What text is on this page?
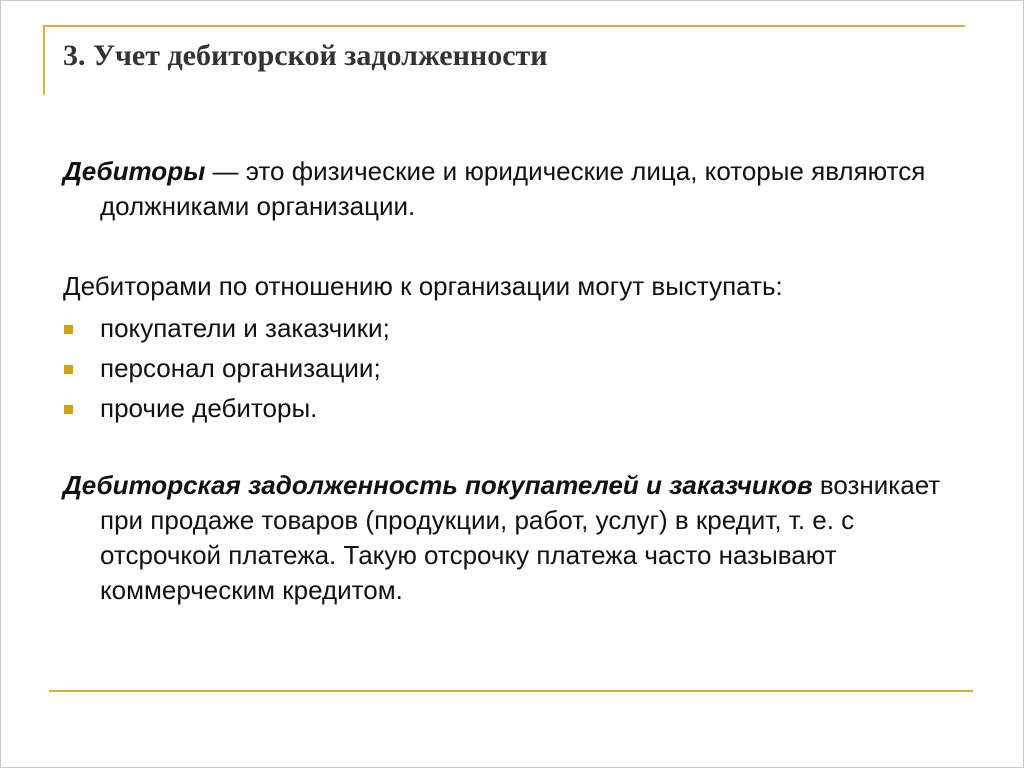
3. Учет дебиторской задолженности

Дебиторы — это физические и юридические лица, которые являются должниками организации.

Дебиторами по отношению к организации могут выступать:

покупатели и заказчики;
персонал организации;
прочие дебиторы.

Дебиторская задолженность покупателей и заказчиков возникает при продаже товаров (продукции, работ, услуг) в кредит, т. е. с отсрочкой платежа. Такую отсрочку платежа часто называют коммерческим кредитом.
